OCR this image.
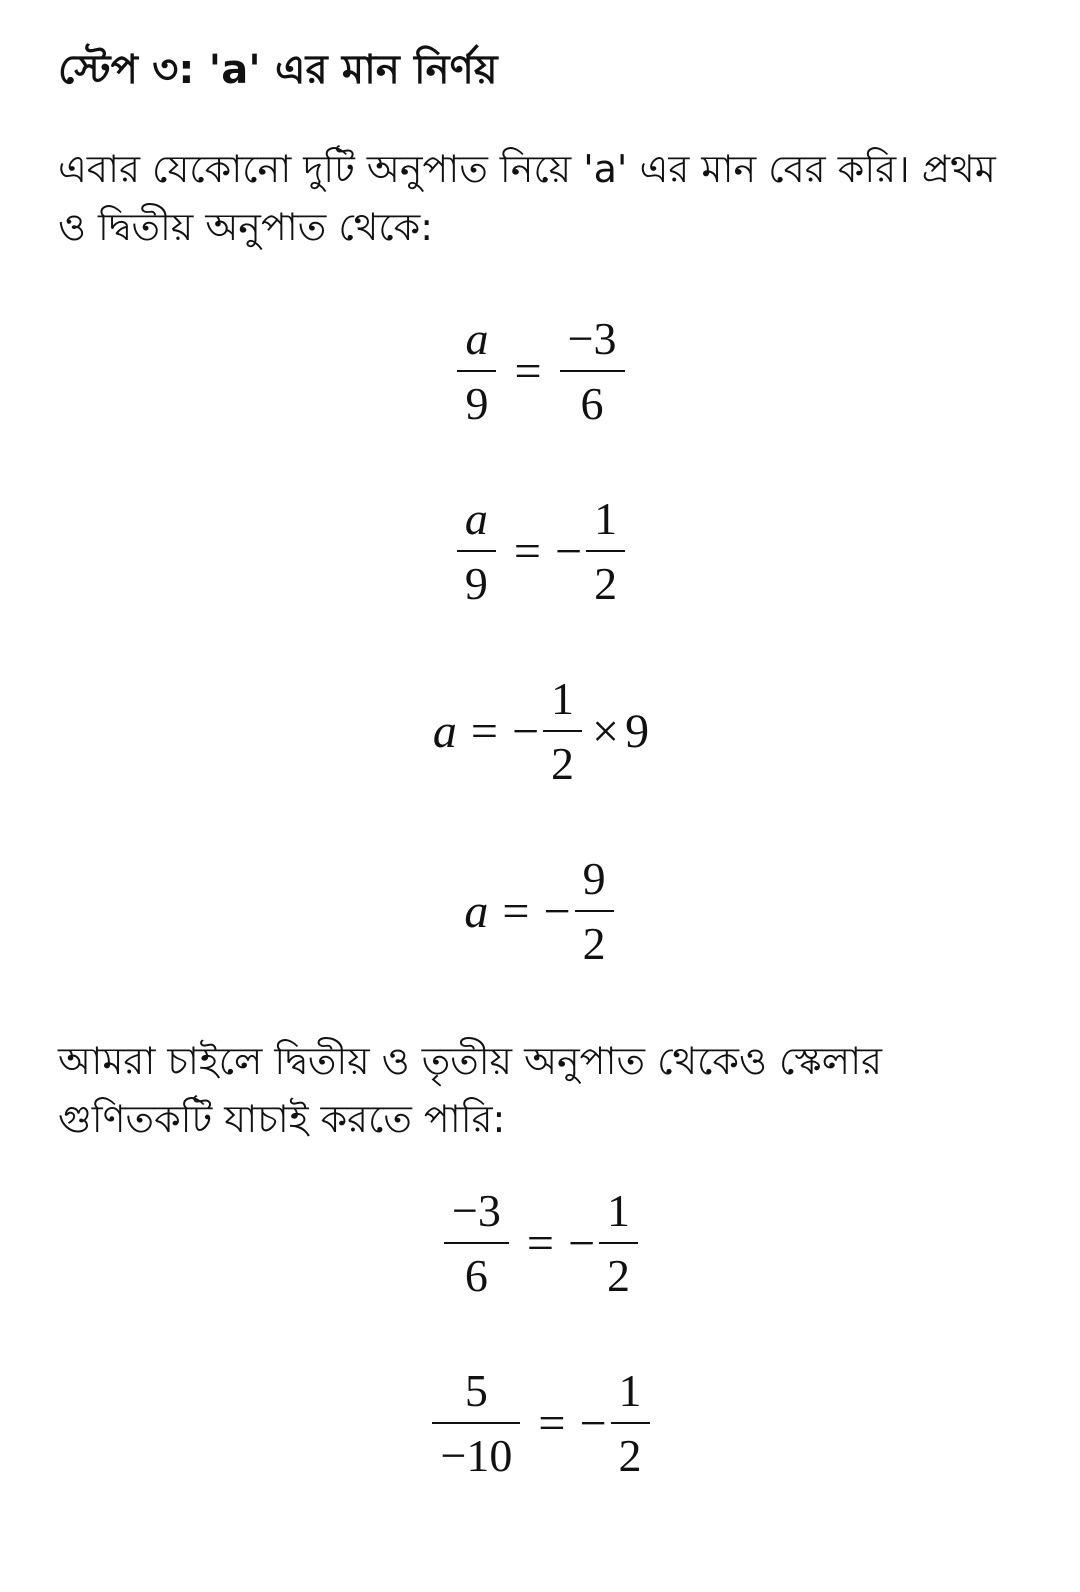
স্টেপ ৩: 'a' এর মান নির্ণয়

এবার যেকোনো দুটি অনুপাত নিয়ে 'a' এর মান বের করি। প্রথম ও দ্বিতীয় অনুপাত থেকে:

$\frac{a}{9} = \frac{-3}{6}$
$\frac{a}{9}$ = − $\frac{1}{2}$
a = − $\frac{1}{2} \times 9$
a = − $\frac{9}{2}$

আমরা চাইলে দ্বিতীয় ও তৃতীয় অনুপাত থেকেও স্কেলার গুণিতকটি যাচাই করতে পারি:

$\frac{-3}{6}$ = − $\frac{1}{2}$
$\frac{5}{-10}$ = − $\frac{1}{2}$
